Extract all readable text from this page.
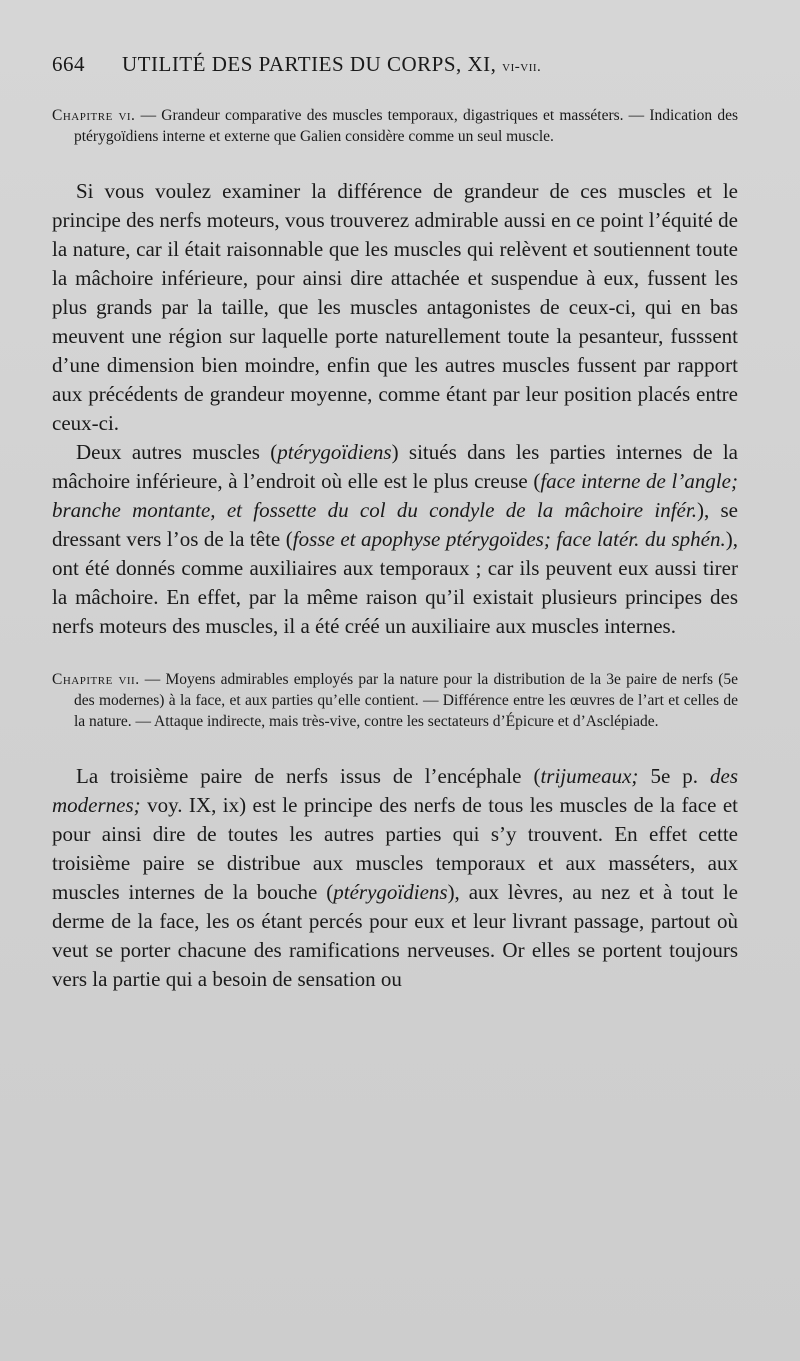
664	UTILITÉ DES PARTIES DU CORPS, XI, vi-vii.

Chapitre vi. — Grandeur comparative des muscles temporaux, digastriques et masséters. — Indication des ptérygoïdiens interne et externe que Galien considère comme un seul muscle.

Si vous voulez examiner la différence de grandeur de ces muscles et le principe des nerfs moteurs, vous trouverez admirable aussi en ce point l’équité de la nature, car il était raisonnable que les muscles qui relèvent et soutiennent toute la mâchoire inférieure, pour ainsi dire attachée et suspendue à eux, fussent les plus grands par la taille, que les muscles antagonistes de ceux-ci, qui en bas meuvent une région sur laquelle porte naturellement toute la pesanteur, fusssent d’une dimension bien moindre, enfin que les autres muscles fussent par rapport aux précédents de grandeur moyenne, comme étant par leur position placés entre ceux-ci.

Deux autres muscles (ptérygoïdiens) situés dans les parties internes de la mâchoire inférieure, à l’endroit où elle est le plus creuse (face interne de l’angle; branche montante, et fossette du col du condyle de la mâchoire infér.), se dressant vers l’os de la tête (fosse et apophyse ptérygoïdes; face latér. du sphén.), ont été donnés comme auxiliaires aux temporaux ; car ils peuvent eux aussi tirer la mâchoire. En effet, par la même raison qu’il existait plusieurs principes des nerfs moteurs des muscles, il a été créé un auxiliaire aux muscles internes.

Chapitre vii. — Moyens admirables employés par la nature pour la distribution de la 3e paire de nerfs (5e des modernes) à la face, et aux parties qu’elle contient. — Différence entre les œuvres de l’art et celles de la nature. — Attaque indirecte, mais très-vive, contre les sectateurs d’Épicure et d’Asclépiade.

La troisième paire de nerfs issus de l’encéphale (trijumeaux; 5e p. des modernes; voy. IX, ix) est le principe des nerfs de tous les muscles de la face et pour ainsi dire de toutes les autres parties qui s’y trouvent. En effet cette troisième paire se distribue aux muscles temporaux et aux masséters, aux muscles internes de la bouche (ptérygoïdiens), aux lèvres, au nez et à tout le derme de la face, les os étant percés pour eux et leur livrant passage, partout où veut se porter chacune des ramifications nerveuses. Or elles se portent toujours vers la partie qui a besoin de sensation ou
